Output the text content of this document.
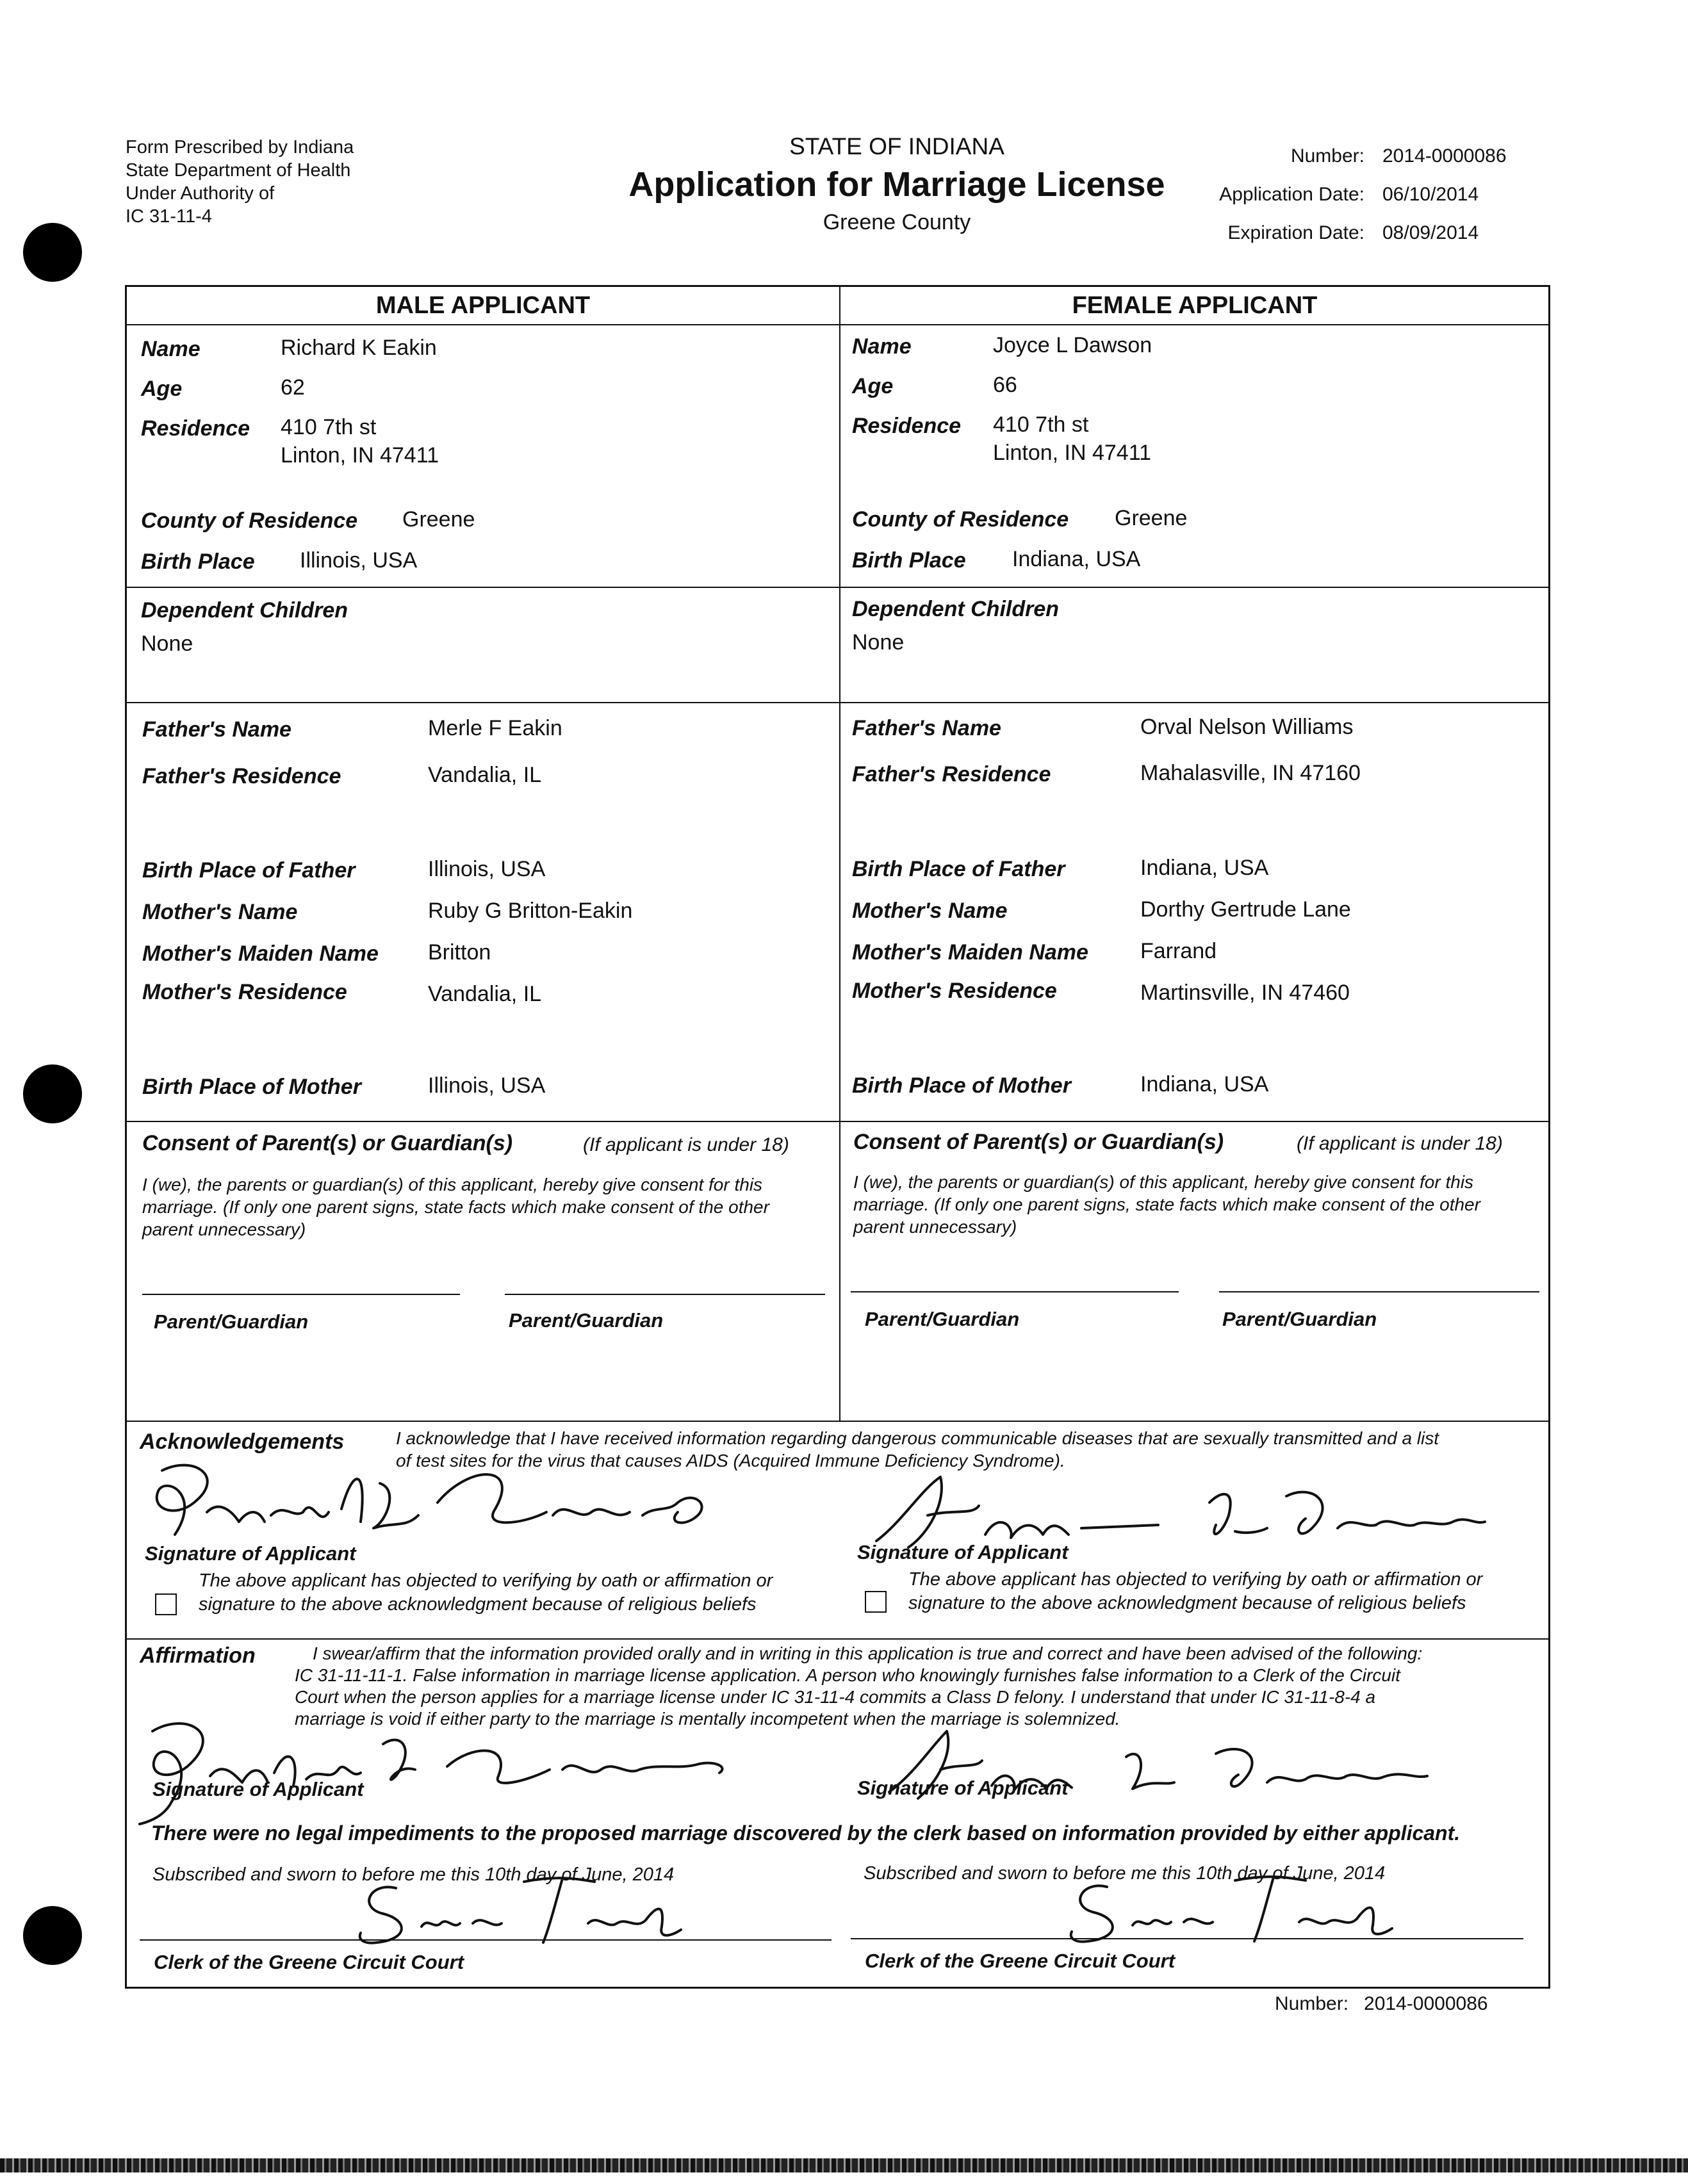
Form Prescribed by Indiana
State Department of Health
Under Authority of
IC 31-11-4
STATE OF INDIANA
Application for Marriage License
Greene County
Number: 2014-0000086
Application Date: 06/10/2014
Expiration Date: 08/09/2014
MALE APPLICANT	FEMALE APPLICANT
Name	Richard K Eakin
Age	62
Residence 410 7th st
Linton, IN 47411
County of Residence Greene
Birth Place Illinois, USA
Dependent Children
None
Father's Name	Merle F Eakin
Father's Residence	Vandalia, IL
Birth Place of Father	Illinois, USA
Mother's Name	Ruby G Britton-Eakin
Mother's Maiden Name Britton
Mother's Residence	Vandalia, IL
Birth Place of Mother	Illinois, USA
Consent of Parent(s) or Guardian(s)	(If applicant is under 18)
I (we), the parents or guardian(s) of this applicant, hereby give consent for this marriage. (If only one parent signs, state facts which make consent of the other parent unnecessary)
Parent/Guardian	Parent/Guardian
Name	Joyce L Dawson
Age	66
Residence 410 7th st
Linton, IN 47411
County of Residence Greene
Birth Place Indiana, USA
Dependent Children
None
Father's Name	Orval Nelson Williams
Father's Residence	Mahalasville, IN 47160
Birth Place of Father	Indiana, USA
Mother's Name	Dorthy Gertrude Lane
Mother's Maiden Name Farrand
Mother's Residence	Martinsville, IN 47460
Birth Place of Mother	Indiana, USA
Consent of Parent(s) or Guardian(s)	(If applicant is under 18)
I (we), the parents or guardian(s) of this applicant, hereby give consent for this marriage. (If only one parent signs, state facts which make consent of the other parent unnecessary)
Parent/Guardian	Parent/Guardian
Acknowledgements	I acknowledge that I have received information regarding dangerous communicable diseases that are sexually transmitted and a list
of test sites for the virus that causes AIDS (Acquired Immune Deficiency Syndrome).
Signature of Applicant	Signature of Applicant
The above applicant has objected to verifying by oath or affirmation or
signature to the above acknowledgment because of religious beliefs
The above applicant has objected to verifying by oath or affirmation or
signature to the above acknowledgment because of religious beliefs
Affirmation	I swear/affirm that the information provided orally and in writing in this application is true and correct and have been advised of the following:
IC 31-11-11-1. False information in marriage license application. A person who knowingly furnishes false information to a Clerk of the Circuit
Court when the person applies for a marriage license under IC 31-11-4 commits a Class D felony. I understand that under IC 31-11-8-4 a
marriage is void if either party to the marriage is mentally incompetent when the marriage is solemnized.
Signature of Applicant	Signature of Applicant
There were no legal impediments to the proposed marriage discovered by the clerk based on information provided by either applicant.
Subscribed and sworn to before me this 10th day of June, 2014	Subscribed and sworn to before me this 10th day of June, 2014
Clerk of the Greene Circuit Court	Clerk of the Greene Circuit Court
Number: 2014-0000086
